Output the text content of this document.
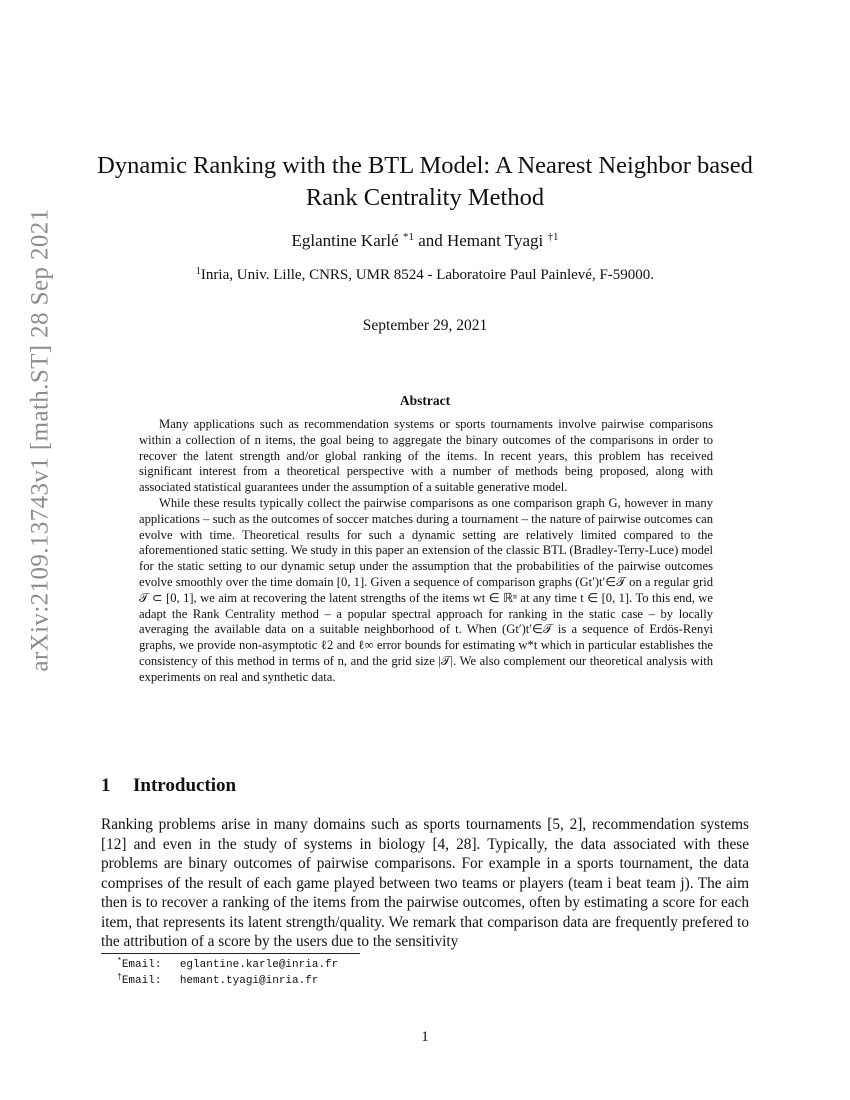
arXiv:2109.13743v1 [math.ST] 28 Sep 2021
Dynamic Ranking with the BTL Model: A Nearest Neighbor based
Rank Centrality Method
Eglantine Karlé $^{*1}$ and Hemant Tyagi $^{\dagger 1}$
$^1$Inria, Univ. Lille, CNRS, UMR 8524 - Laboratoire Paul Painlevé, F-59000.
September 29, 2021
Abstract

Many applications such as recommendation systems or sports tournaments involve pairwise comparisons within a collection of n items, the goal being to aggregate the binary outcomes of the comparisons in order to recover the latent strength and/or global ranking of the items. In recent years, this problem has received significant interest from a theoretical perspective with a number of methods being proposed, along with associated statistical guarantees under the assumption of a suitable generative model.

While these results typically collect the pairwise comparisons as one comparison graph G, however in many applications – such as the outcomes of soccer matches during a tournament – the nature of pairwise outcomes can evolve with time. Theoretical results for such a dynamic setting are relatively limited compared to the aforementioned static setting. We study in this paper an extension of the classic BTL (Bradley-Terry-Luce) model for the static setting to our dynamic setup under the assumption that the probabilities of the pairwise outcomes evolve smoothly over the time domain [0, 1]. Given a sequence of comparison graphs (Gt′)t′∈𝒯 on a regular grid 𝒯 ⊂ [0, 1], we aim at recovering the latent strengths of the items wt ∈ ℝⁿ at any time t ∈ [0, 1]. To this end, we adapt the Rank Centrality method – a popular spectral approach for ranking in the static case – by locally averaging the available data on a suitable neighborhood of t. When (Gt′)t′∈𝒯 is a sequence of Erdös-Renyi graphs, we provide non-asymptotic ℓ2 and ℓ∞ error bounds for estimating w*t which in particular establishes the consistency of this method in terms of n, and the grid size |𝒯|. We also complement our theoretical analysis with experiments on real and synthetic data.

1 Introduction

Ranking problems arise in many domains such as sports tournaments [5, 2], recommendation systems [12] and even in the study of systems in biology [4, 28]. Typically, the data associated with these problems are binary outcomes of pairwise comparisons. For example in a sports tournament, the data comprises of the result of each game played between two teams or players (team i beat team j). The aim then is to recover a ranking of the items from the pairwise outcomes, often by estimating a score for each item, that represents its latent strength/quality. We remark that comparison data are frequently prefered to the attribution of a score by the users due to the sensitivity

*Email: eglantine.karle@inria.fr
†Email: hemant.tyagi@inria.fr
1
